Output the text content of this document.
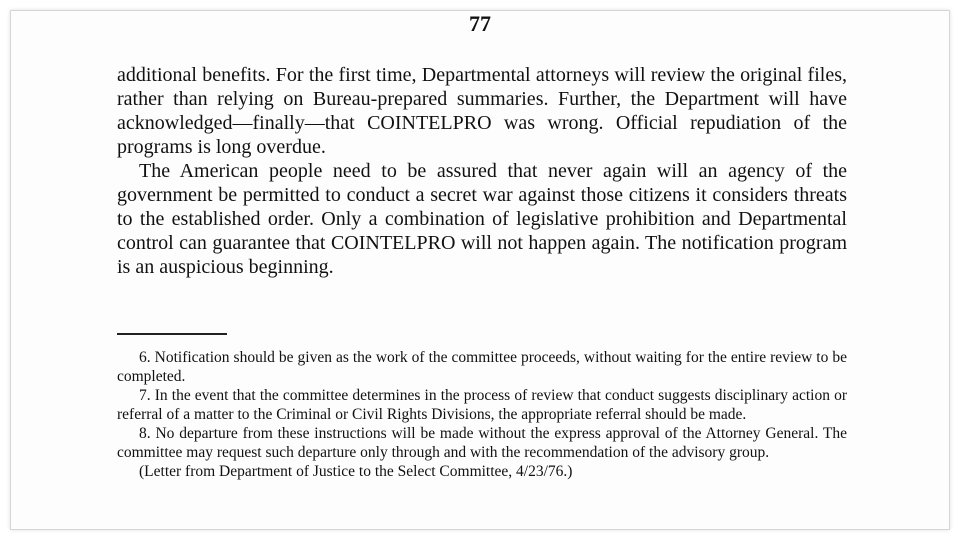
77

additional benefits. For the first time, Departmental attorneys will review the original files, rather than relying on Bureau-prepared summaries. Further, the Department will have acknowledged—finally—that COINTELPRO was wrong. Official repudiation of the programs is long overdue.

The American people need to be assured that never again will an agency of the government be permitted to conduct a secret war against those citizens it considers threats to the established order. Only a combination of legislative prohibition and Departmental control can guarantee that COINTELPRO will not happen again. The notification program is an auspicious beginning.

6. Notification should be given as the work of the committee proceeds, without waiting for the entire review to be completed.

7. In the event that the committee determines in the process of review that conduct suggests disciplinary action or referral of a matter to the Criminal or Civil Rights Divisions, the appropriate referral should be made.

8. No departure from these instructions will be made without the express approval of the Attorney General. The committee may request such departure only through and with the recommendation of the advisory group.

(Letter from Department of Justice to the Select Committee, 4/23/76.)
